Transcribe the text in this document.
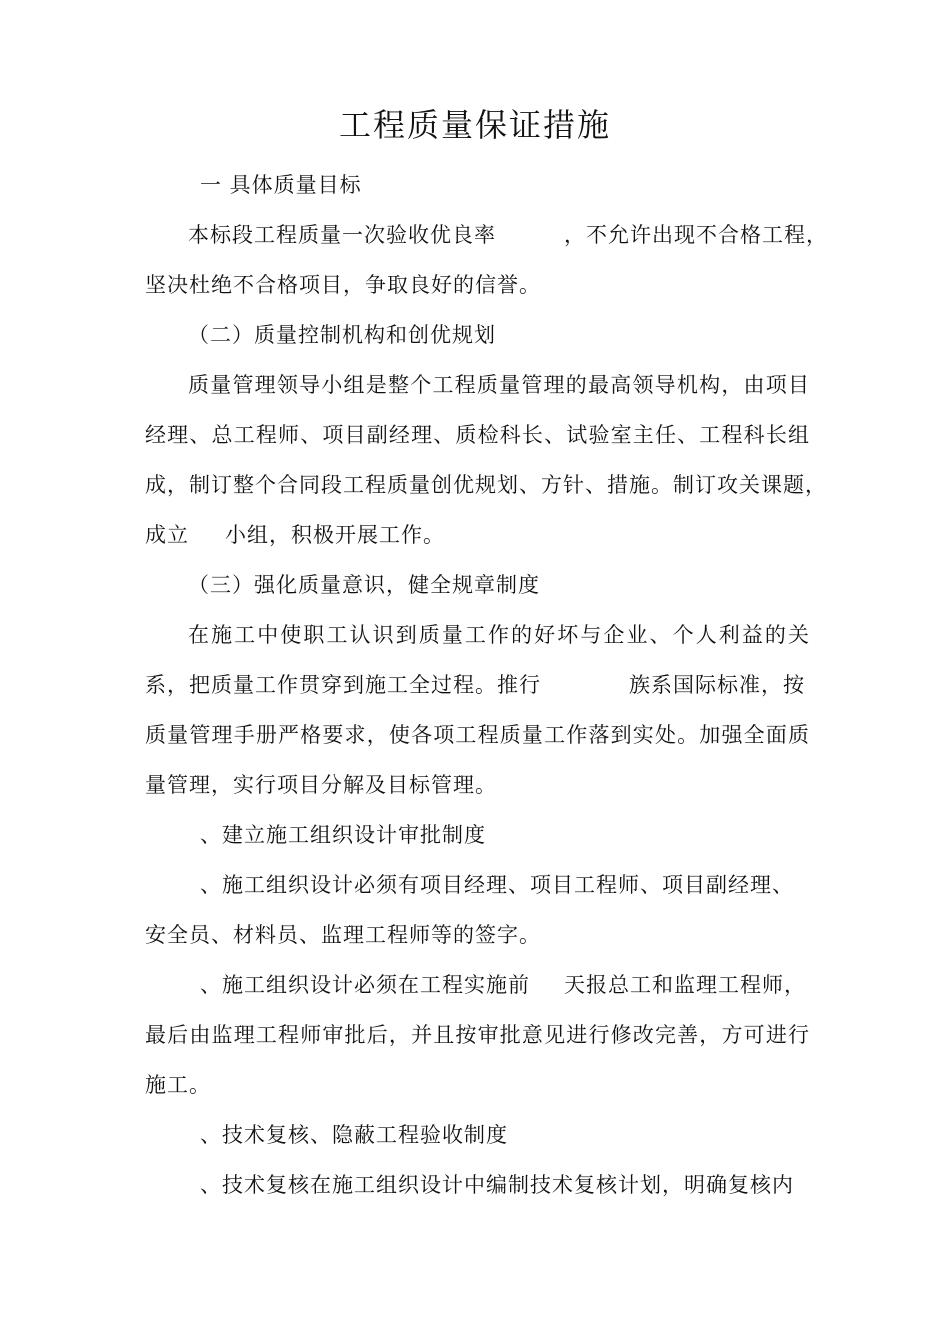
工程质量保证措施

一 具体质量目标

本标段工程质量一次验收优良率	，不允许出现不合格工程，

坚决杜绝不合格项目，争取良好的信誉。

（二）质量控制机构和创优规划

质量管理领导小组是整个工程质量管理的最高领导机构，由项目

经理、总工程师、项目副经理、质检科长、试验室主任、工程科长组

成，制订整个合同段工程质量创优规划、方针、措施。制订攻关课题，

成立 小组，积极开展工作。

（三）强化质量意识，健全规章制度

在施工中使职工认识到质量工作的好坏与企业、个人利益的关

系，把质量工作贯穿到施工全过程。推行	族系国际标准，按

质量管理手册严格要求，使各项工程质量工作落到实处。加强全面质

量管理，实行项目分解及目标管理。

、建立施工组织设计审批制度

、施工组织设计必须有项目经理、项目工程师、项目副经理、

安全员、材料员、监理工程师等的签字。

、施工组织设计必须在工程实施前 天报总工和监理工程师，

最后由监理工程师审批后，并且按审批意见进行修改完善，方可进行

施工。

、技术复核、隐蔽工程验收制度

、技术复核在施工组织设计中编制技术复核计划，明确复核内
